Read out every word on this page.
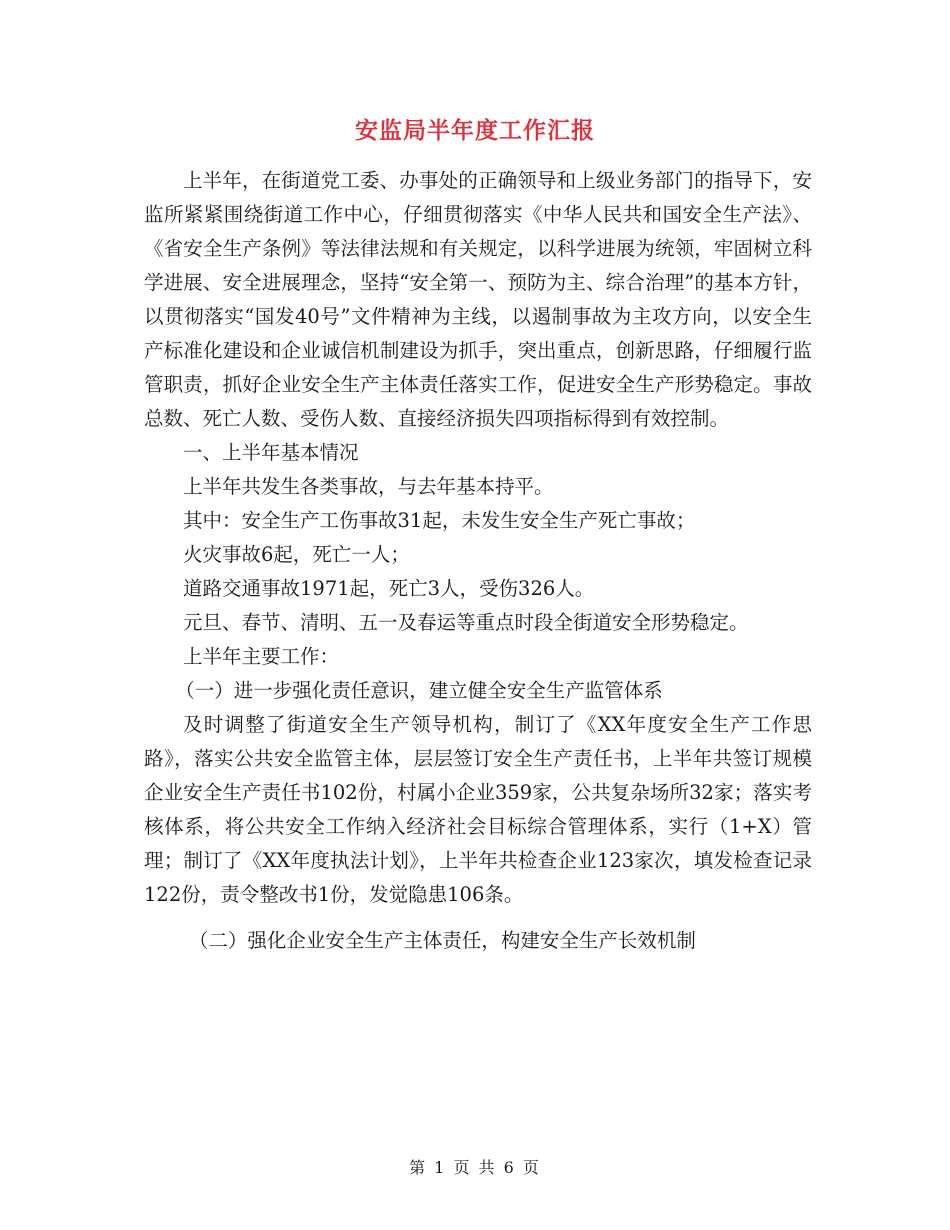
安监局半年度工作汇报

上半年，在街道党工委、办事处的正确领导和上级业务部门的指导下，安监所紧紧围绕街道工作中心，仔细贯彻落实《中华人民共和国安全生产法》、《省安全生产条例》等法律法规和有关规定，以科学进展为统领，牢固树立科学进展、安全进展理念，坚持“安全第一、预防为主、综合治理”的基本方针，以贯彻落实“国发40号”文件精神为主线，以遏制事故为主攻方向，以安全生产标准化建设和企业诚信机制建设为抓手，突出重点，创新思路，仔细履行监管职责，抓好企业安全生产主体责任落实工作，促进安全生产形势稳定。事故总数、死亡人数、受伤人数、直接经济损失四项指标得到有效控制。

一、上半年基本情况

上半年共发生各类事故，与去年基本持平。

其中：安全生产工伤事故31起，未发生安全生产死亡事故；

火灾事故6起，死亡一人；

道路交通事故1971起，死亡3人，受伤326人。

元旦、春节、清明、五一及春运等重点时段全街道安全形势稳定。

上半年主要工作：

（一）进一步强化责任意识，建立健全安全生产监管体系

及时调整了街道安全生产领导机构，制订了《XX年度安全生产工作思路》，落实公共安全监管主体，层层签订安全生产责任书，上半年共签订规模企业安全生产责任书102份，村属小企业359家，公共复杂场所32家；落实考核体系，将公共安全工作纳入经济社会目标综合管理体系，实行（1+X）管理；制订了《XX年度执法计划》，上半年共检查企业123家次，填发检查记录122份，责令整改书1份，发觉隐患106条。

（二）强化企业安全生产主体责任，构建安全生产长效机制

第 1 页 共 6 页
